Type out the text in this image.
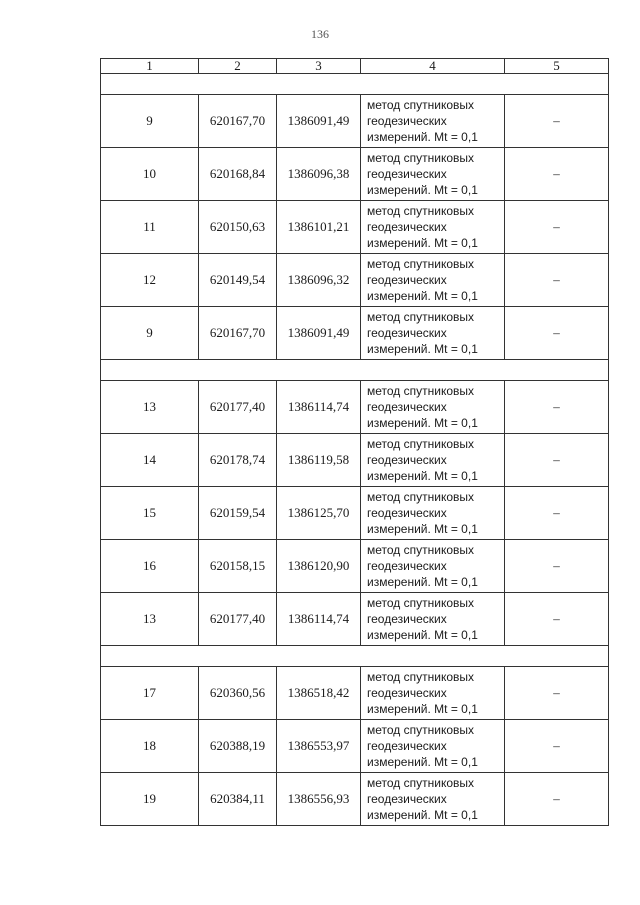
136
1	2	3	4	5

9	620167,70	1386091,49	метод спутниковых
геодезических
измерений. Mt = 0,1	–
10	620168,84	1386096,38	метод спутниковых
геодезических
измерений. Mt = 0,1	–
11	620150,63	1386101,21	метод спутниковых
геодезических
измерений. Mt = 0,1	–
12	620149,54	1386096,32	метод спутниковых
геодезических
измерений. Mt = 0,1	–
9	620167,70	1386091,49	метод спутниковых
геодезических
измерений. Mt = 0,1	–

13	620177,40	1386114,74	метод спутниковых
геодезических
измерений. Mt = 0,1	–
14	620178,74	1386119,58	метод спутниковых
геодезических
измерений. Mt = 0,1	–
15	620159,54	1386125,70	метод спутниковых
геодезических
измерений. Mt = 0,1	–
16	620158,15	1386120,90	метод спутниковых
геодезических
измерений. Mt = 0,1	–
13	620177,40	1386114,74	метод спутниковых
геодезических
измерений. Mt = 0,1	–

17	620360,56	1386518,42	метод спутниковых
геодезических
измерений. Mt = 0,1	–
18	620388,19	1386553,97	метод спутниковых
геодезических
измерений. Mt = 0,1	–
19	620384,11	1386556,93	метод спутниковых
геодезических
измерений. Mt = 0,1	–
